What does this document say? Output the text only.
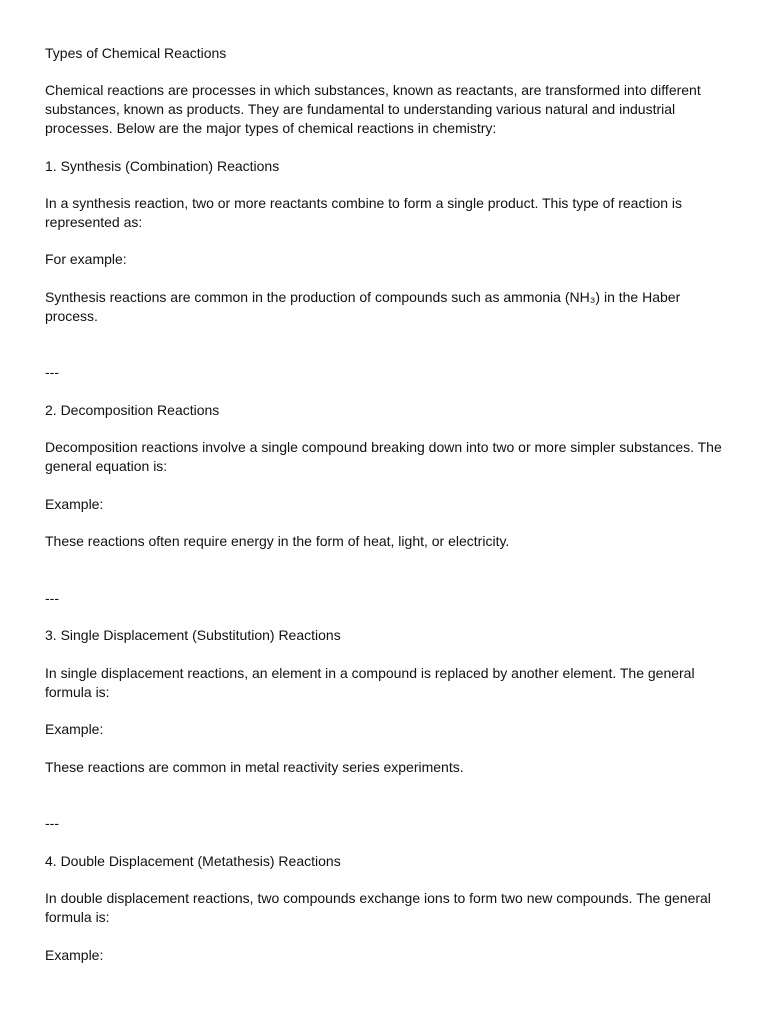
Types of Chemical Reactions

Chemical reactions are processes in which substances, known as reactants, are transformed into different substances, known as products. They are fundamental to understanding various natural and industrial processes. Below are the major types of chemical reactions in chemistry:

1. Synthesis (Combination) Reactions

In a synthesis reaction, two or more reactants combine to form a single product. This type of reaction is represented as:

For example:

Synthesis reactions are common in the production of compounds such as ammonia (NH₃) in the Haber process.

---

2. Decomposition Reactions

Decomposition reactions involve a single compound breaking down into two or more simpler substances. The general equation is:

Example:

These reactions often require energy in the form of heat, light, or electricity.

---

3. Single Displacement (Substitution) Reactions

In single displacement reactions, an element in a compound is replaced by another element. The general formula is:

Example:

These reactions are common in metal reactivity series experiments.

---

4. Double Displacement (Metathesis) Reactions

In double displacement reactions, two compounds exchange ions to form two new compounds. The general formula is:

Example:
